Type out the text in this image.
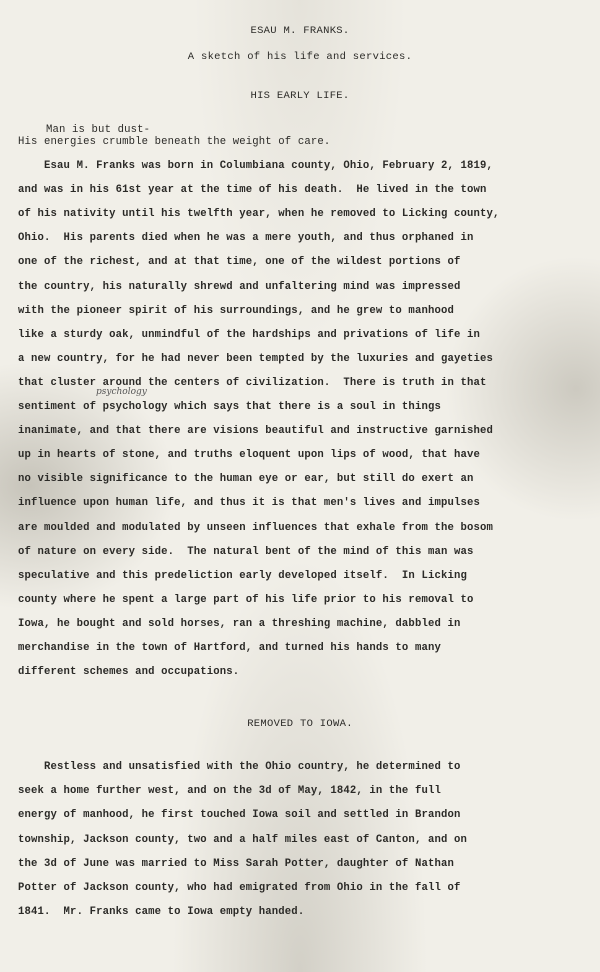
ESAU M. FRANKS.
A sketch of his life and services.
HIS EARLY LIFE.
Man is but dust-
His energies crumble beneath the weight of care.
Esau M. Franks was born in Columbiana county, Ohio, February 2, 1819,
and was in his 61st year at the time of his death.  He lived in the town
of his nativity until his twelfth year, when he removed to Licking county,
Ohio.  His parents died when he was a mere youth, and thus orphaned in
one of the richest, and at that time, one of the wildest portions of
the country, his naturally shrewd and unfaltering mind was impressed
with the pioneer spirit of his surroundings, and he grew to manhood
like a sturdy oak, unmindful of the hardships and privations of life in
a new country, for he had never been tempted by the luxuries and gayeties
that cluster around the centers of civilization.  There is truth in that
sentiment of psychology which says that there is a soul in things
inanimate, and that there are visions beautiful and instructive garnished
up in hearts of stone, and truths eloquent upon lips of wood, that have
no visible significance to the human eye or ear, but still do exert an
influence upon human life, and thus it is that men's lives and impulses
are moulded and modulated by unseen influences that exhale from the bosom
of nature on every side.  The natural bent of the mind of this man was
speculative and this predeliction early developed itself.  In Licking
county where he spent a large part of his life prior to his removal to
Iowa, he bought and sold horses, ran a threshing machine, dabbled in
merchandise in the town of Hartford, and turned his hands to many
different schemes and occupations.
REMOVED TO IOWA.
Restless and unsatisfied with the Ohio country, he determined to
seek a home further west, and on the 3d of May, 1842, in the full
energy of manhood, he first touched Iowa soil and settled in Brandon
township, Jackson county, two and a half miles east of Canton, and on
the 3d of June was married to Miss Sarah Potter, daughter of Nathan
Potter of Jackson county, who had emigrated from Ohio in the fall of
1841.  Mr. Franks came to Iowa empty handed.
psychology
